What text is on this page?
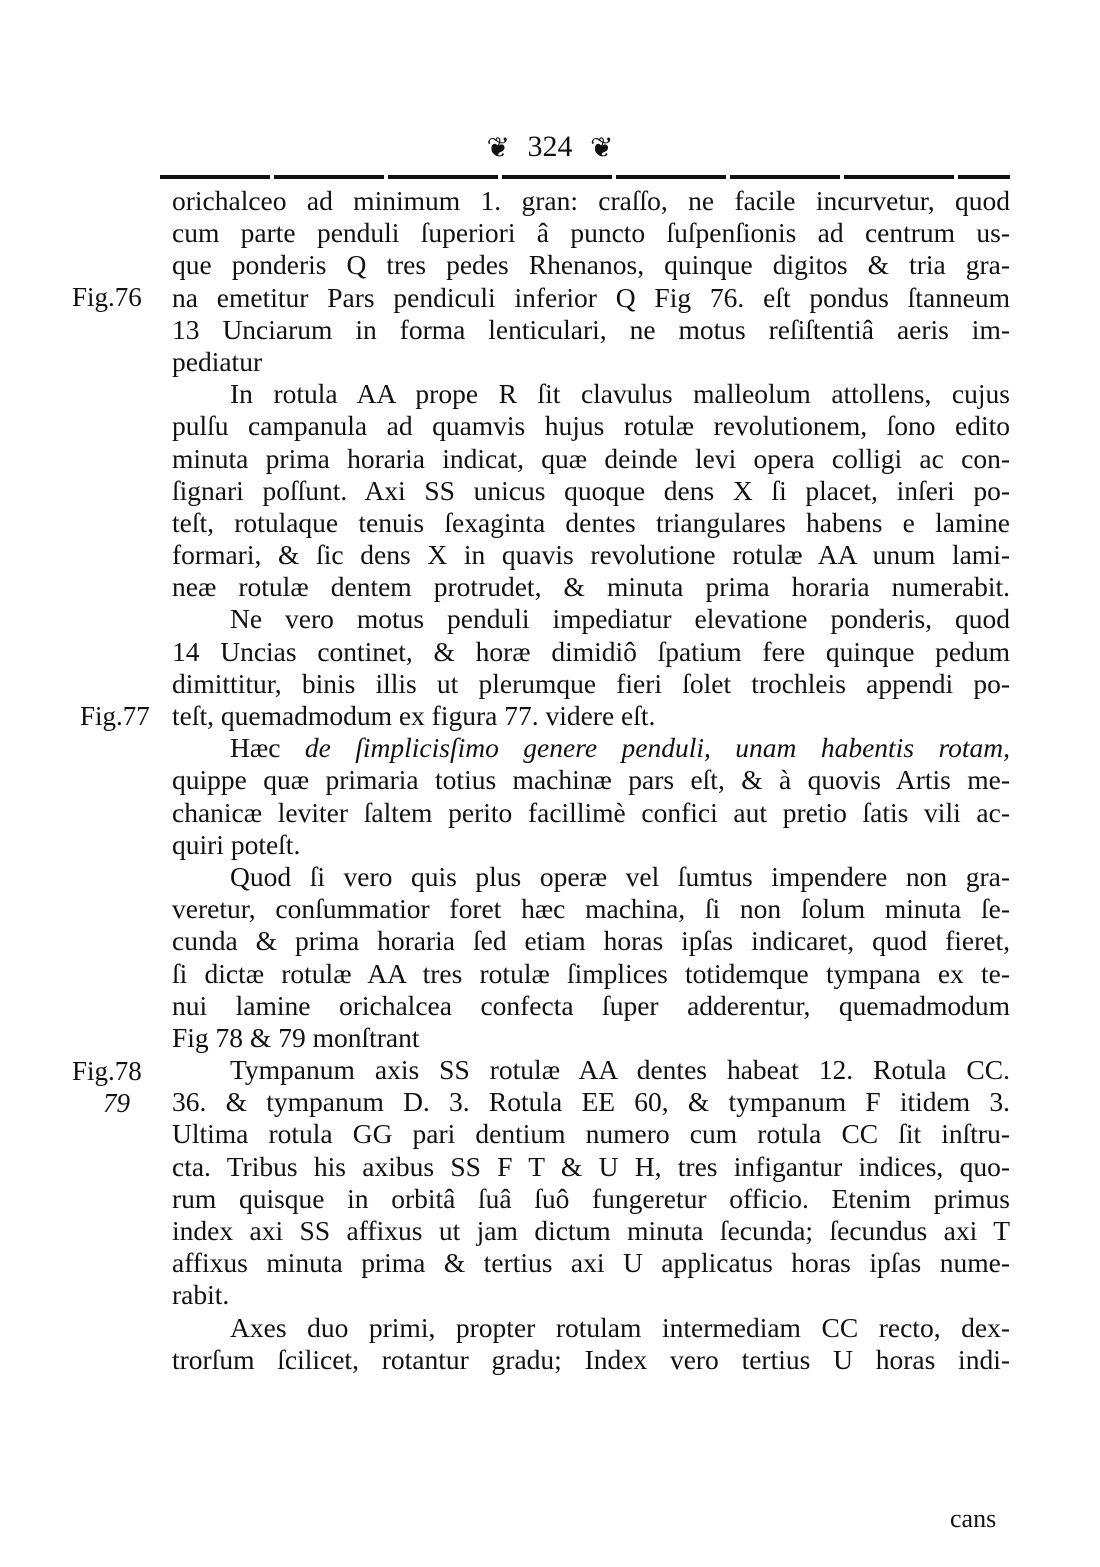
❦ 324 ❦
Fig.76
Fig.77
Fig.78
79
orichalceo ad minimum 1. gran: craſſo, ne facile incurvetur, quod
cum parte penduli ſuperiori â puncto ſuſpenſionis ad centrum us-
que ponderis Q tres pedes Rhenanos, quinque digitos & tria gra-
na emetitur Pars pendiculi inferior Q Fig 76. eſt pondus ſtanneum
13 Unciarum in forma lenticulari, ne motus reſiſtentiâ aeris im-
pediatur
In rotula AA prope R ſit clavulus malleolum attollens, cujus
pulſu campanula ad quamvis hujus rotulæ revolutionem, ſono edito
minuta prima horaria indicat, quæ deinde levi opera colligi ac con-
ſignari poſſunt. Axi SS unicus quoque dens X ſi placet, inſeri po-
teſt, rotulaque tenuis ſexaginta dentes triangulares habens e lamine
formari, & ſic dens X in quavis revolutione rotulæ AA unum lami-
neæ rotulæ dentem protrudet, & minuta prima horaria numerabit.
Ne vero motus penduli impediatur elevatione ponderis, quod
14 Uncias continet, & horæ dimidiô ſpatium fere quinque pedum
dimittitur, binis illis ut plerumque fieri ſolet trochleis appendi po-
teſt, quemadmodum ex figura 77. videre eſt.
Hæc de ſimplicisſimo genere penduli, unam habentis rotam,
quippe quæ primaria totius machinæ pars eſt, & à quovis Artis me-
chanicæ leviter ſaltem perito facillimè confici aut pretio ſatis vili ac-
quiri poteſt.
Quod ſi vero quis plus operæ vel ſumtus impendere non gra-
veretur, conſummatior foret hæc machina, ſi non ſolum minuta ſe-
cunda & prima horaria ſed etiam horas ipſas indicaret, quod fieret,
ſi dictæ rotulæ AA tres rotulæ ſimplices totidemque tympana ex te-
nui lamine orichalcea confecta ſuper adderentur, quemadmodum
Fig 78 & 79 monſtrant
Tympanum axis SS rotulæ AA dentes habeat 12. Rotula CC.
36. & tympanum D. 3. Rotula EE 60, & tympanum F itidem 3.
Ultima rotula GG pari dentium numero cum rotula CC ſit inſtru-
cta. Tribus his axibus SS F T & U H, tres infigantur indices, quo-
rum quisque in orbitâ ſuâ ſuô fungeretur officio. Etenim primus
index axi SS affixus ut jam dictum minuta ſecunda; ſecundus axi T
affixus minuta prima & tertius axi U applicatus horas ipſas nume-
rabit.
Axes duo primi, propter rotulam intermediam CC recto, dex-
trorſum ſcilicet, rotantur gradu; Index vero tertius U horas indi-
cans
